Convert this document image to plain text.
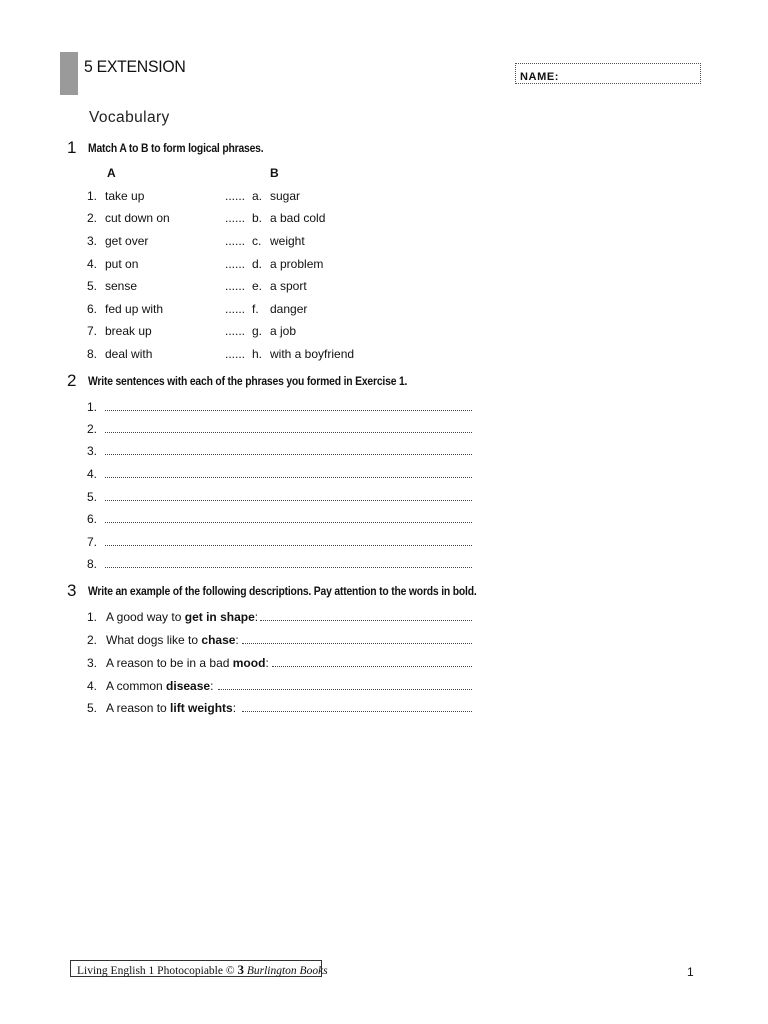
5 EXTENSION
NAME:
Vocabulary
1 Match A to B to form logical phrases.
A	B
1. take up	...... a. sugar
2. cut down on	...... b. a bad cold
3. get over	...... c. weight
4. put on	...... d. a problem
5. sense	...... e. a sport
6. fed up with	...... f. danger
7. break up	...... g. a job
8. deal with	...... h. with a boyfriend
2 Write sentences with each of the phrases you formed in Exercise 1.
1.
2.
3.
4.
5.
6.
7.
8.
3 Write an example of the following descriptions. Pay attention to the words in bold.
1. A good way to get in shape:
2. What dogs like to chase:
3. A reason to be in a bad mood:
4. A common disease:
5. A reason to lift weights:
Living English 1 Photocopiable © 3 Burlington Books	1
